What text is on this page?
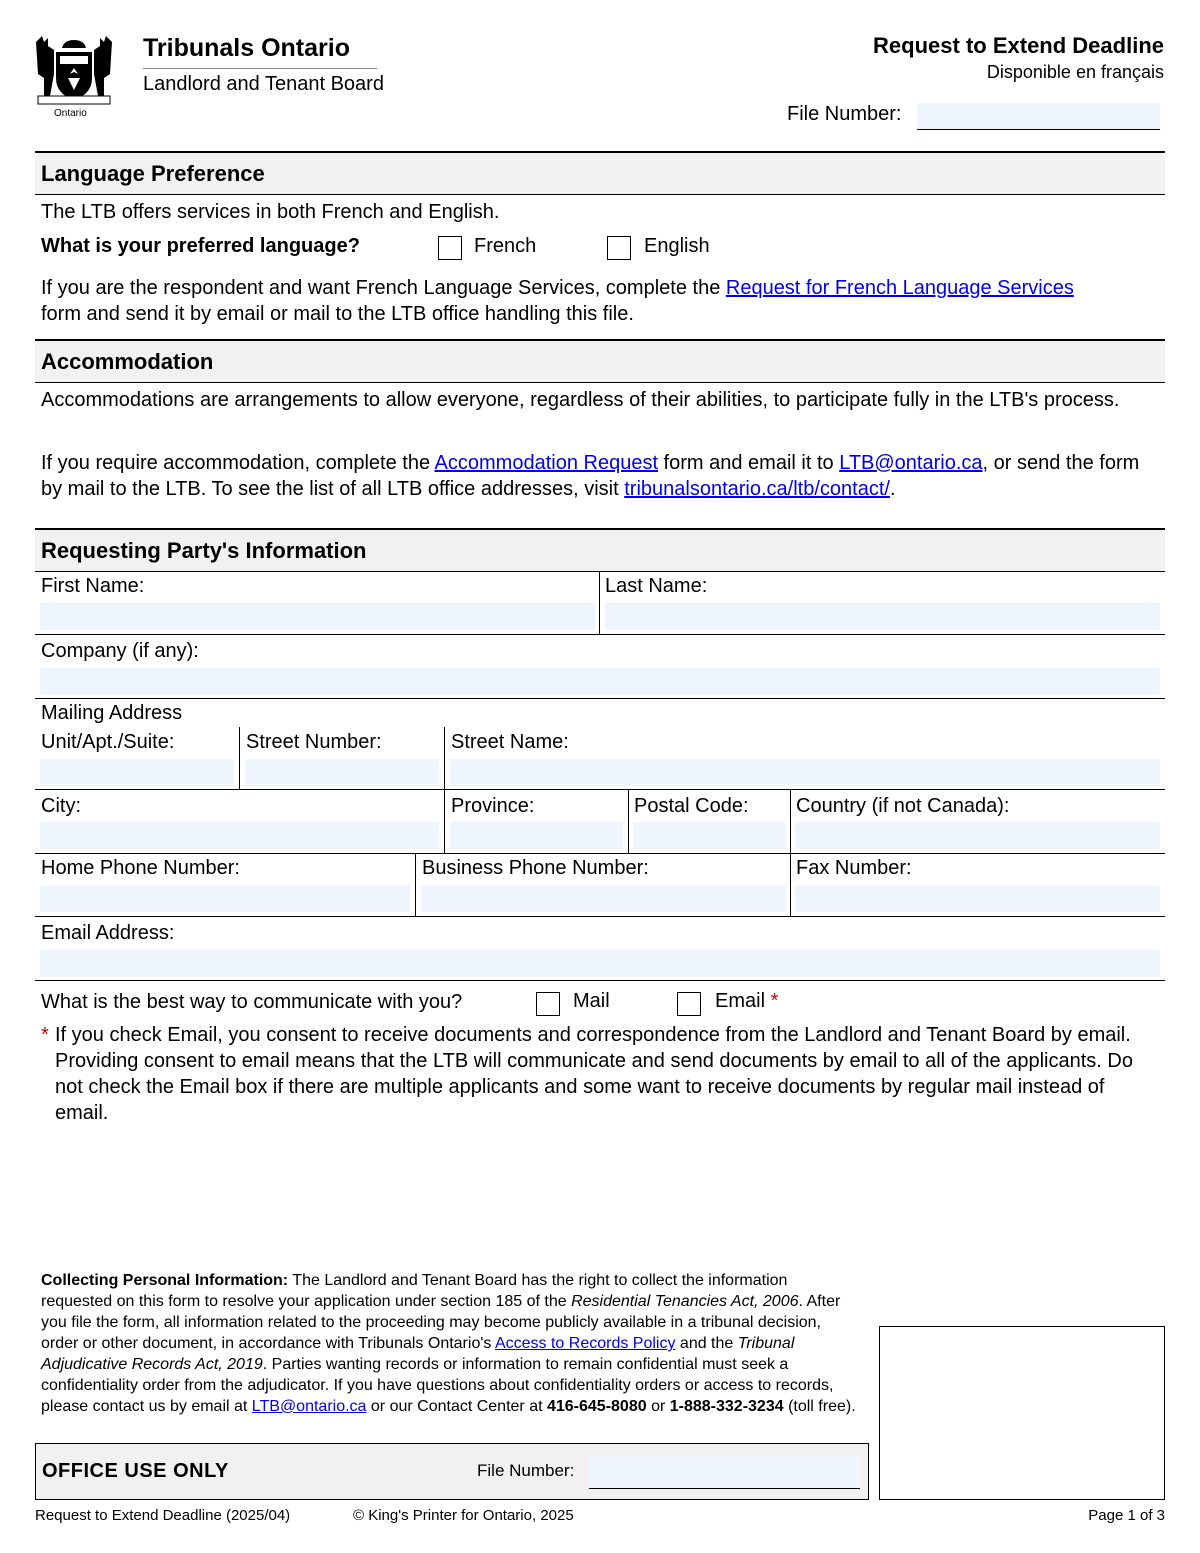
Ontario
Tribunals Ontario
Landlord and Tenant Board
Request to Extend Deadline
Disponible en français
File Number:
Language Preference
The LTB offers services in both French and English.
What is your preferred language?	French	English
If you are the respondent and want French Language Services, complete the Request for French Language Services
form and send it by email or mail to the LTB office handling this file.
Accommodation
Accommodations are arrangements to allow everyone, regardless of their abilities, to participate fully in the LTB's process.
If you require accommodation, complete the Accommodation Request form and email it to LTB@ontario.ca, or send the form by mail to the LTB. To see the list of all LTB office addresses, visit tribunalsontario.ca/ltb/contact/.
Requesting Party's Information
First Name:	Last Name:
Company (if any):
Mailing Address
Unit/Apt./Suite:	Street Number:	Street Name:
City:	Province:	Postal Code: Country (if not Canada):
Home Phone Number:	Business Phone Number:	Fax Number:
Email Address:
What is the best way to communicate with you?	Mail	Email *
* If you check Email, you consent to receive documents and correspondence from the Landlord and Tenant Board by email. Providing consent to email means that the LTB will communicate and send documents by email to all of the applicants. Do not check the Email box if there are multiple applicants and some want to receive documents by regular mail instead of email.
Collecting Personal Information: The Landlord and Tenant Board has the right to collect the information requested on this form to resolve your application under section 185 of the Residential Tenancies Act, 2006. After you file the form, all information related to the proceeding may become publicly available in a tribunal decision, order or other document, in accordance with Tribunals Ontario's Access to Records Policy and the Tribunal Adjudicative Records Act, 2019. Parties wanting records or information to remain confidential must seek a confidentiality order from the adjudicator. If you have questions about confidentiality orders or access to records, please contact us by email at LTB@ontario.ca or our Contact Center at 416-645-8080 or 1-888-332-3234 (toll free).
OFFICE USE ONLY	File Number:
Request to Extend Deadline (2025/04)	© King's Printer for Ontario, 2025	Page 1 of 3
